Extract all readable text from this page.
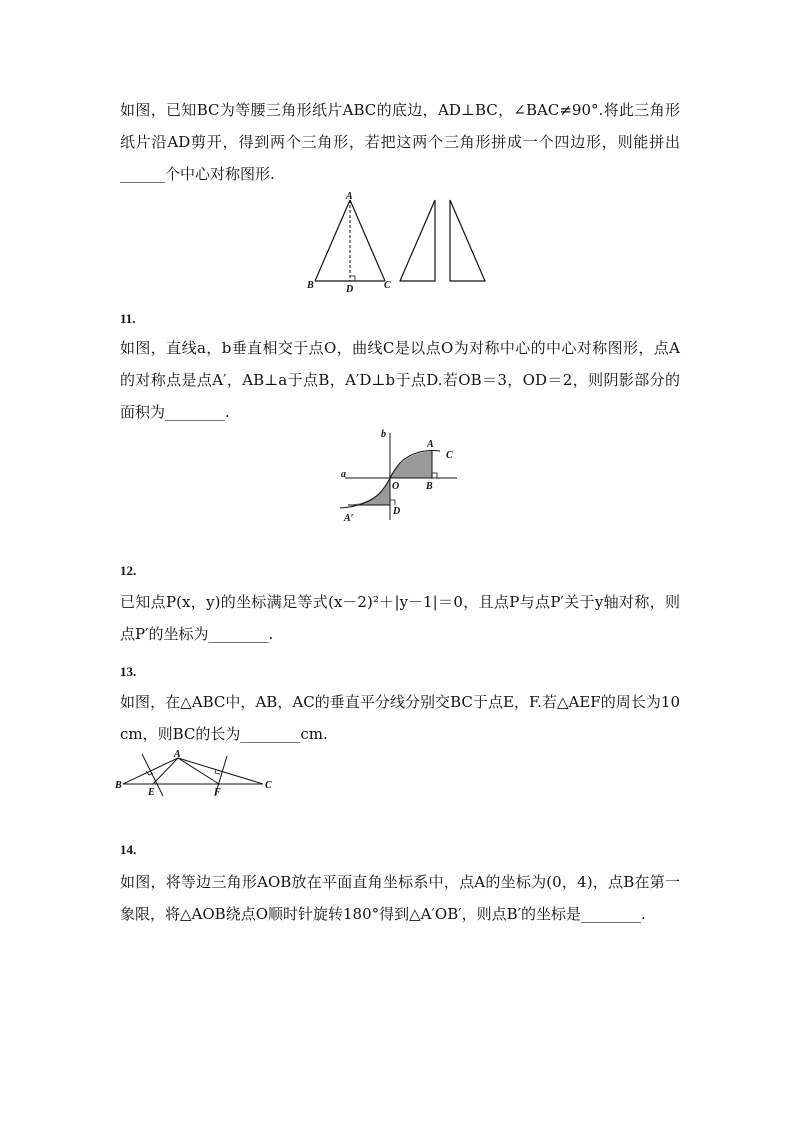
如图，已知BC为等腰三角形纸片ABC的底边，AD⊥BC，∠BAC≠90°.将此三角形纸片沿AD剪开，得到两个三角形，若把这两个三角形拼成一个四边形，则能拼出______个中心对称图形.

A
B	D	C
11.

如图，直线a，b垂直相交于点O，曲线C是以点O为对称中心的中心对称图形，点A的对称点是点A′，AB⊥a于点B，A′D⊥b于点D.若OB＝3，OD＝2，则阴影部分的面积为________.

b
a
A
C
O	B
A′
D
12.

已知点P(x，y)的坐标满足等式(x－2)²＋|y－1|＝0，且点P与点P′关于y轴对称，则点P′的坐标为________.

13.

如图，在△ABC中，AB，AC的垂直平分线分别交BC于点E，F.若△AEF的周长为10 cm，则BC的长为________cm.

A
B	C
E	F
14.

如图，将等边三角形AOB放在平面直角坐标系中，点A的坐标为(0，4)，点B在第一象限，将△AOB绕点O顺时针旋转180°得到△A′OB′，则点B′的坐标是________.
